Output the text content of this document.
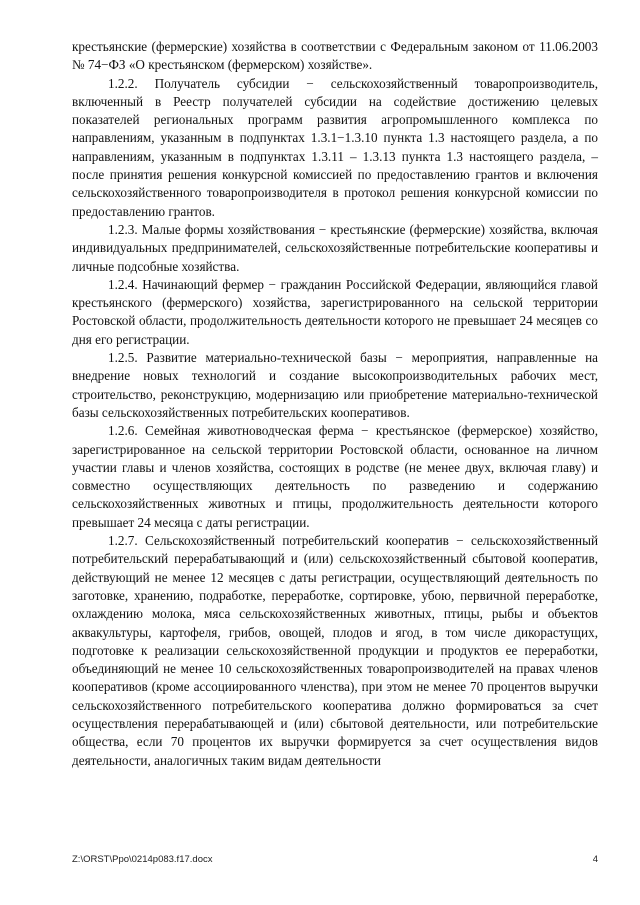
крестьянские (фермерские) хозяйства в соответствии с Федеральным законом от 11.06.2003 № 74−ФЗ «О крестьянском (фермерском) хозяйстве».

1.2.2. Получатель субсидии − сельскохозяйственный товаропроизводитель, включенный в Реестр получателей субсидии на содействие достижению целевых показателей региональных программ развития агропромышленного комплекса по направлениям, указанным в подпунктах 1.3.1−1.3.10 пункта 1.3 настоящего раздела, а по направлениям, указанным в подпунктах 1.3.11 – 1.3.13 пункта 1.3 настоящего раздела, – после принятия решения конкурсной комиссией по предоставлению грантов и включения сельскохозяйственного товаропроизводителя в протокол решения конкурсной комиссии по предоставлению грантов.

1.2.3. Малые формы хозяйствования − крестьянские (фермерские) хозяйства, включая индивидуальных предпринимателей, сельскохозяйственные потребительские кооперативы и личные подсобные хозяйства.

1.2.4. Начинающий фермер − гражданин Российской Федерации, являющийся главой крестьянского (фермерского) хозяйства, зарегистрированного на сельской территории Ростовской области, продолжительность деятельности которого не превышает 24 месяцев со дня его регистрации.

1.2.5. Развитие материально-технической базы − мероприятия, направленные на внедрение новых технологий и создание высокопроизводительных рабочих мест, строительство, реконструкцию, модернизацию или приобретение материально-технической базы сельскохозяйственных потребительских кооперативов.

1.2.6. Семейная животноводческая ферма − крестьянское (фермерское) хозяйство, зарегистрированное на сельской территории Ростовской области, основанное на личном участии главы и членов хозяйства, состоящих в родстве (не менее двух, включая главу) и совместно осуществляющих деятельность по разведению и содержанию сельскохозяйственных животных и птицы, продолжительность деятельности которого превышает 24 месяца с даты регистрации.

1.2.7. Сельскохозяйственный потребительский кооператив − сельскохозяйственный потребительский перерабатывающий и (или) сельскохозяйственный сбытовой кооператив, действующий не менее 12 месяцев с даты регистрации, осуществляющий деятельность по заготовке, хранению, подработке, переработке, сортировке, убою, первичной переработке, охлаждению молока, мяса сельскохозяйственных животных, птицы, рыбы и объектов аквакультуры, картофеля, грибов, овощей, плодов и ягод, в том числе дикорастущих, подготовке к реализации сельскохозяйственной продукции и продуктов ее переработки, объединяющий не менее 10 сельскохозяйственных товаропроизводителей на правах членов кооперативов (кроме ассоциированного членства), при этом не менее 70 процентов выручки сельскохозяйственного потребительского кооператива должно формироваться за счет осуществления перерабатывающей и (или) сбытовой деятельности, или потребительские общества, если 70 процентов их выручки формируется за счет осуществления видов деятельности, аналогичных таким видам деятельности

Z:\ORST\Ppo\0214p083.f17.docx	4
